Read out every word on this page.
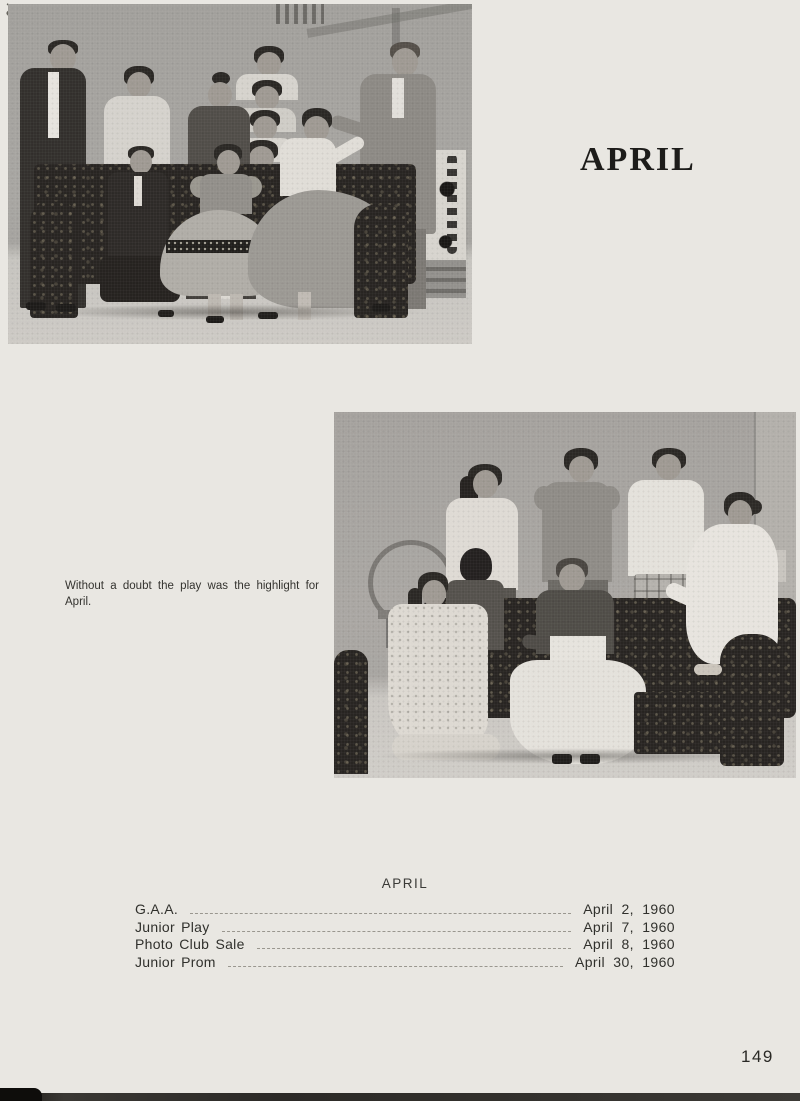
APRIL

Without a doubt the play was the highlight for April.

APRIL
G.A.A.	April 2, 1960
Junior Play	April 7, 1960
Photo Club Sale	April 8, 1960
Junior Prom	April 30, 1960
149
